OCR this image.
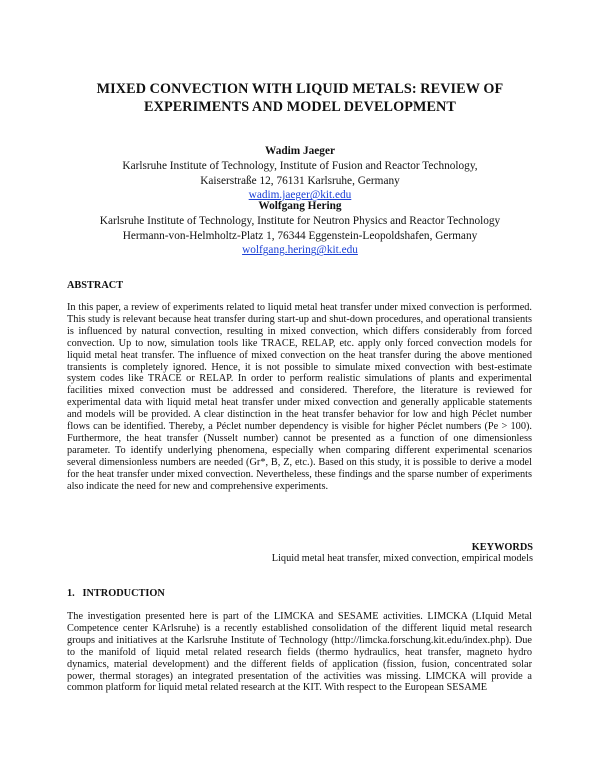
MIXED CONVECTION WITH LIQUID METALS: REVIEW OF EXPERIMENTS AND MODEL DEVELOPMENT
Wadim Jaeger
Karlsruhe Institute of Technology, Institute of Fusion and Reactor Technology,
Kaiserstraße 12, 76131 Karlsruhe, Germany
wadim.jaeger@kit.edu
Wolfgang Hering
Karlsruhe Institute of Technology, Institute for Neutron Physics and Reactor Technology
Hermann-von-Helmholtz-Platz 1, 76344 Eggenstein-Leopoldshafen, Germany
wolfgang.hering@kit.edu
ABSTRACT
In this paper, a review of experiments related to liquid metal heat transfer under mixed convection is performed. This study is relevant because heat transfer during start-up and shut-down procedures, and operational transients is influenced by natural convection, resulting in mixed convection, which differs considerably from forced convection. Up to now, simulation tools like TRACE, RELAP, etc. apply only forced convection models for liquid metal heat transfer. The influence of mixed convection on the heat transfer during the above mentioned transients is completely ignored. Hence, it is not possible to simulate mixed convection with best-estimate system codes like TRACE or RELAP. In order to perform realistic simulations of plants and experimental facilities mixed convection must be addressed and considered. Therefore, the literature is reviewed for experimental data with liquid metal heat transfer under mixed convection and generally applicable statements and models will be provided. A clear distinction in the heat transfer behavior for low and high Péclet number flows can be identified. Thereby, a Péclet number dependency is visible for higher Péclet numbers (Pe > 100). Furthermore, the heat transfer (Nusselt number) cannot be presented as a function of one dimensionless parameter. To identify underlying phenomena, especially when comparing different experimental scenarios several dimensionless numbers are needed (Gr*, B, Z, etc.). Based on this study, it is possible to derive a model for the heat transfer under mixed convection. Nevertheless, these findings and the sparse number of experiments also indicate the need for new and comprehensive experiments.
KEYWORDS
Liquid metal heat transfer, mixed convection, empirical models
1.   INTRODUCTION
The investigation presented here is part of the LIMCKA and SESAME activities. LIMCKA (LIquid Metal Competence center KArlsruhe) is a recently established consolidation of the different liquid metal research groups and initiatives at the Karlsruhe Institute of Technology (http://limcka.forschung.kit.edu/index.php). Due to the manifold of liquid metal related research fields (thermo hydraulics, heat transfer, magneto hydro dynamics, material development) and the different fields of application (fission, fusion, concentrated solar power, thermal storages) an integrated presentation of the activities was missing. LIMCKA will provide a common platform for liquid metal related research at the KIT. With respect to the European SESAME
